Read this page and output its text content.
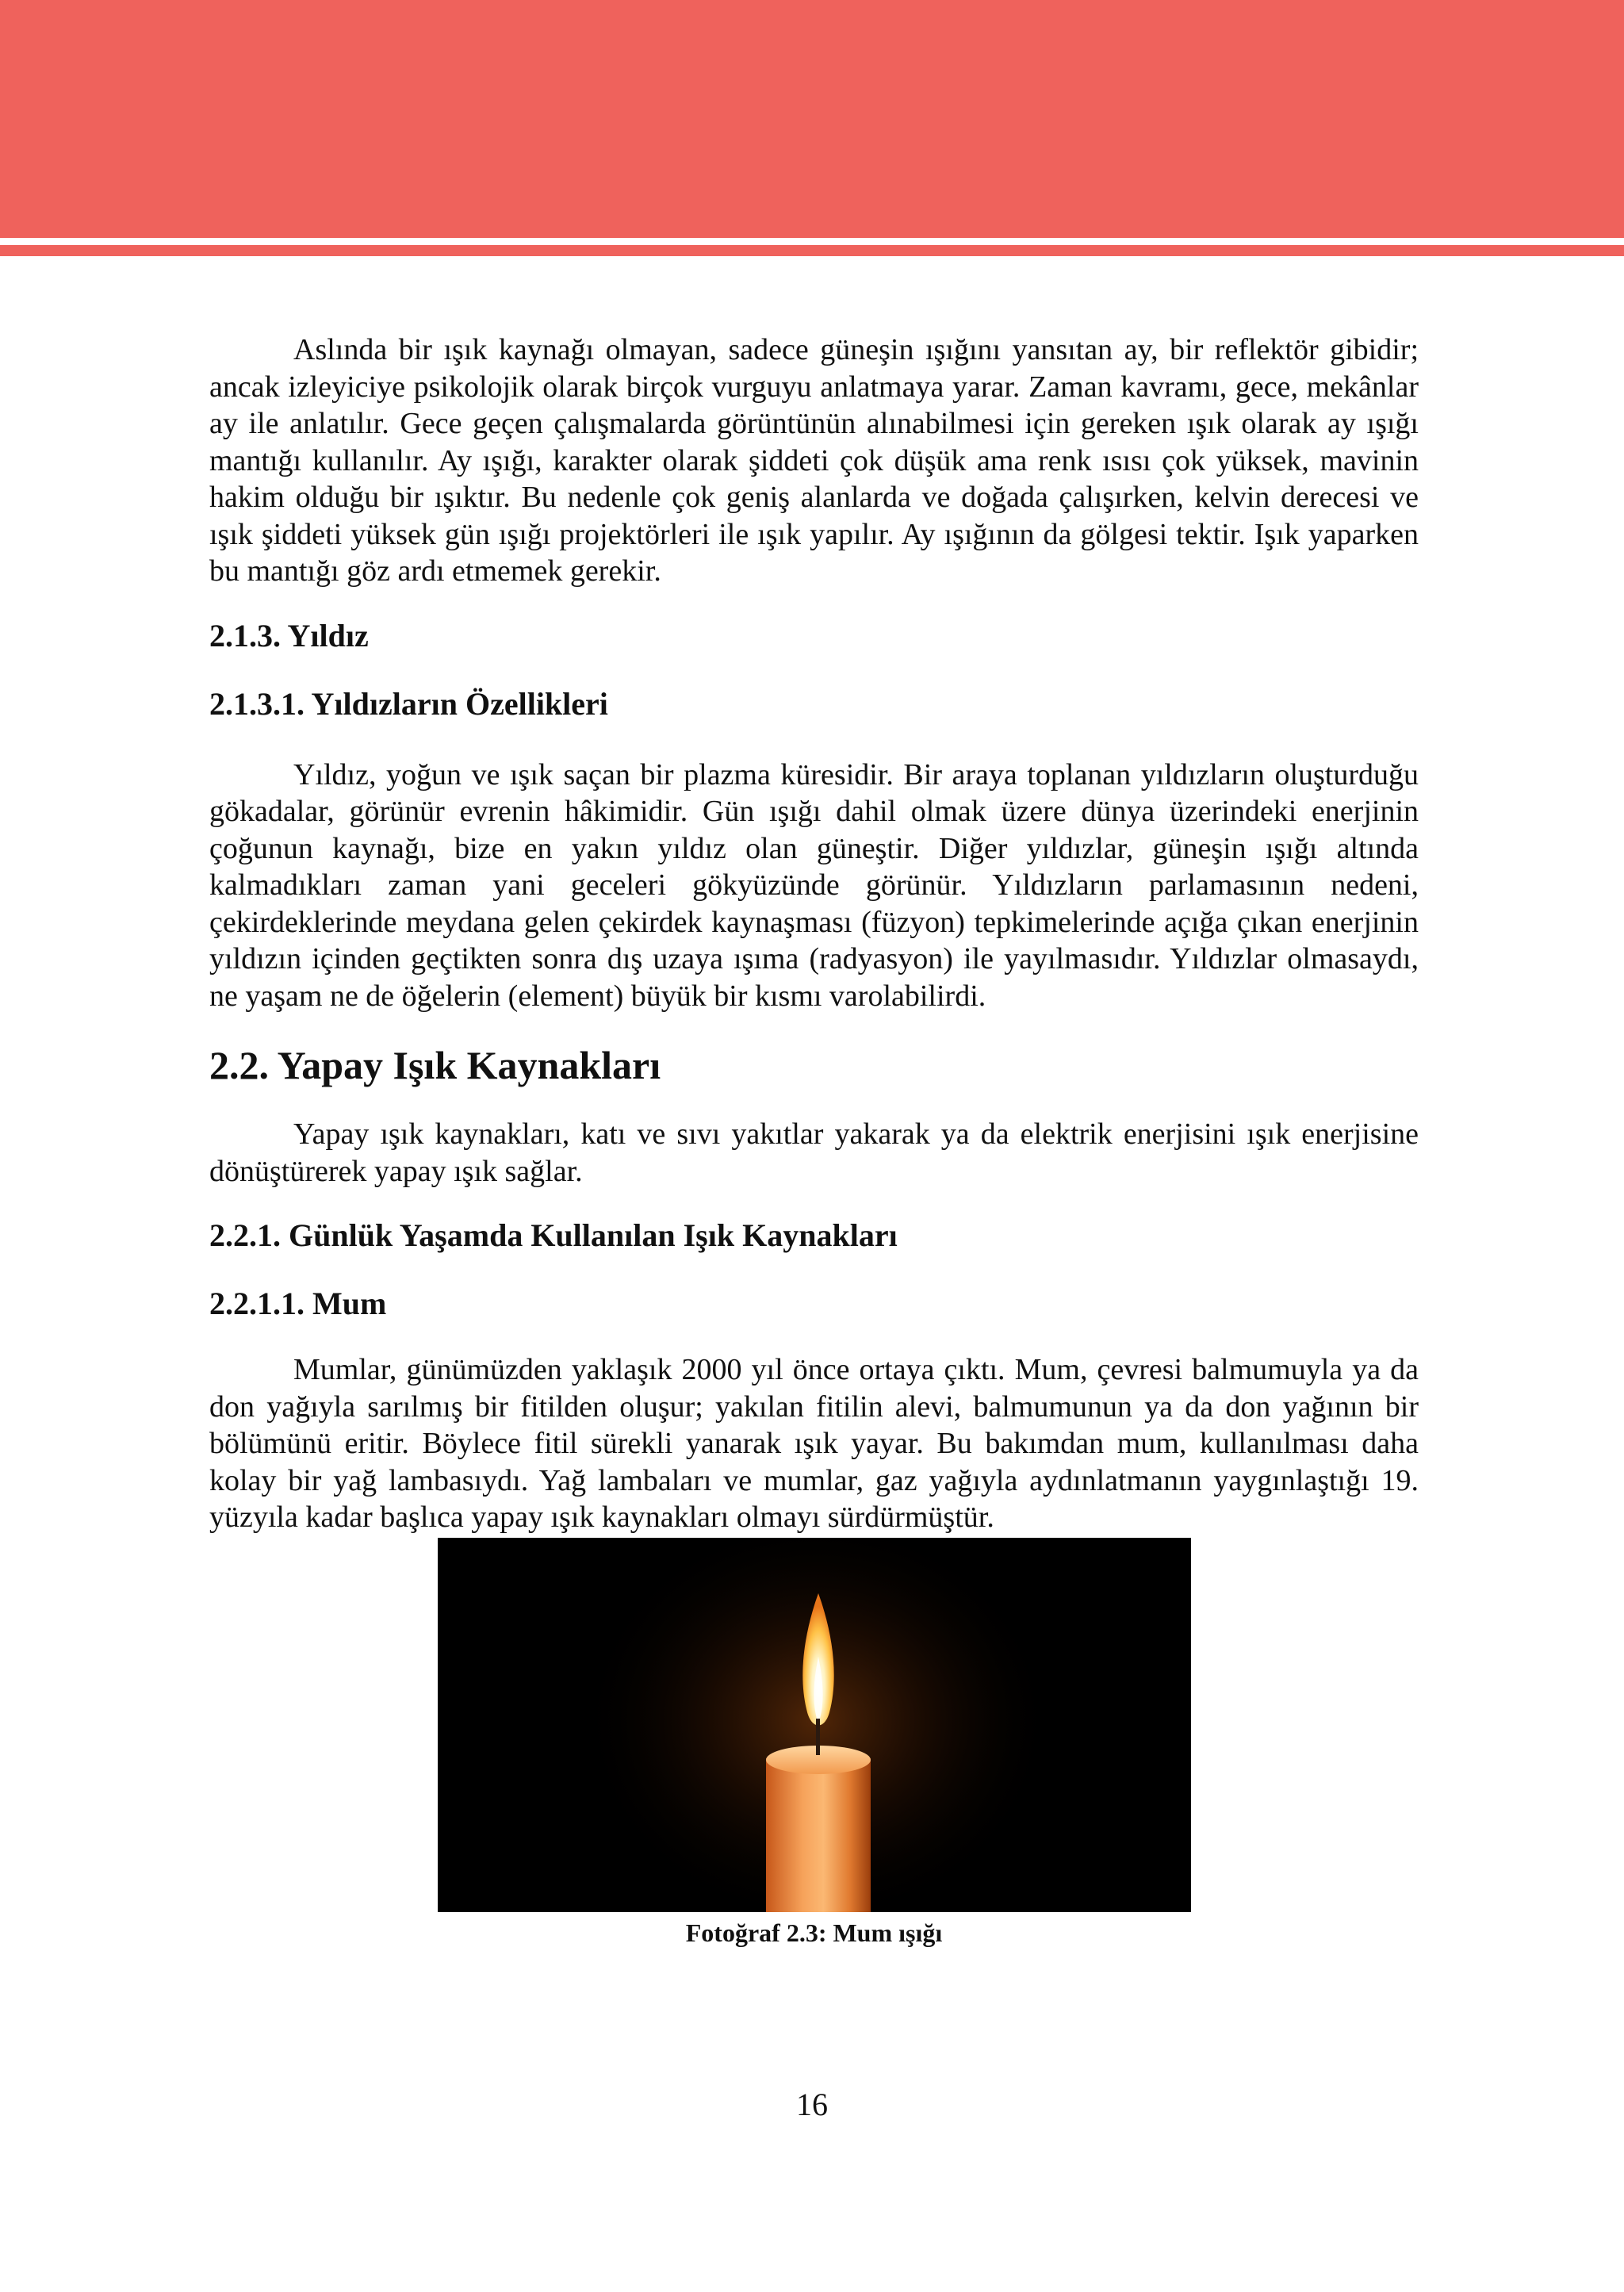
Aslında bir ışık kaynağı olmayan, sadece güneşin ışığını yansıtan ay, bir reflektör gibidir; ancak izleyiciye psikolojik olarak birçok vurguyu anlatmaya yarar. Zaman kavramı, gece, mekânlar ay ile anlatılır. Gece geçen çalışmalarda görüntünün alınabilmesi için gereken ışık olarak ay ışığı mantığı kullanılır. Ay ışığı, karakter olarak şiddeti çok düşük ama renk ısısı çok yüksek, mavinin hakim olduğu bir ışıktır. Bu nedenle çok geniş alanlarda ve doğada çalışırken, kelvin derecesi ve ışık şiddeti yüksek gün ışığı projektörleri ile ışık yapılır. Ay ışığının da gölgesi tektir. Işık yaparken bu mantığı göz ardı etmemek gerekir.

2.1.3. Yıldız
2.1.3.1. Yıldızların Özellikleri

Yıldız, yoğun ve ışık saçan bir plazma küresidir. Bir araya toplanan yıldızların oluşturduğu gökadalar, görünür evrenin hâkimidir. Gün ışığı dahil olmak üzere dünya üzerindeki enerjinin çoğunun kaynağı, bize en yakın yıldız olan güneştir. Diğer yıldızlar, güneşin ışığı altında kalmadıkları zaman yani geceleri gökyüzünde görünür. Yıldızların parlamasının nedeni, çekirdeklerinde meydana gelen çekirdek kaynaşması (füzyon) tepkimelerinde açığa çıkan enerjinin yıldızın içinden geçtikten sonra dış uzaya ışıma (radyasyon) ile yayılmasıdır. Yıldızlar olmasaydı, ne yaşam ne de öğelerin (element) büyük bir kısmı varolabilirdi.

2.2. Yapay Işık Kaynakları

Yapay ışık kaynakları, katı ve sıvı yakıtlar yakarak ya da elektrik enerjisini ışık enerjisine dönüştürerek yapay ışık sağlar.

2.2.1. Günlük Yaşamda Kullanılan Işık Kaynakları
2.2.1.1. Mum

Mumlar, günümüzden yaklaşık 2000 yıl önce ortaya çıktı. Mum, çevresi balmumuyla ya da don yağıyla sarılmış bir fitilden oluşur; yakılan fitilin alevi, balmumunun ya da don yağının bir bölümünü eritir. Böylece fitil sürekli yanarak ışık yayar. Bu bakımdan mum, kullanılması daha kolay bir yağ lambasıydı. Yağ lambaları ve mumlar, gaz yağıyla aydınlatmanın yaygınlaştığı 19. yüzyıla kadar başlıca yapay ışık kaynakları olmayı sürdürmüştür.

Fotoğraf 2.3: Mum ışığı

16
